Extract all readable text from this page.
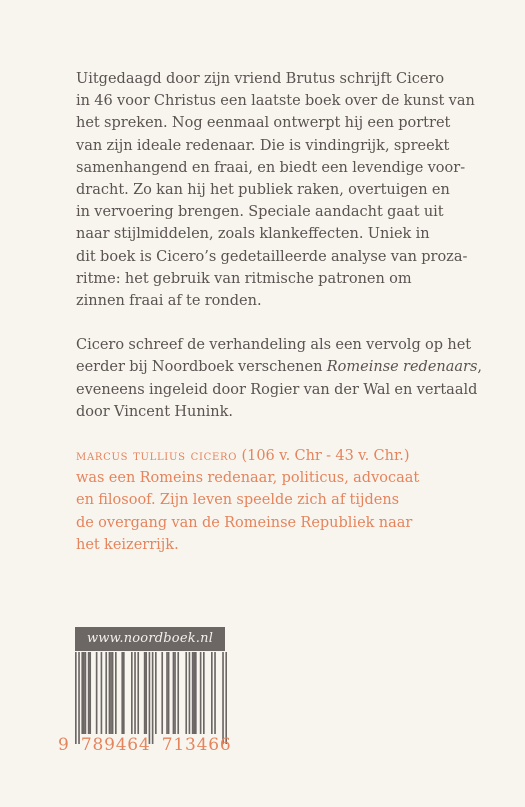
Uitgedaagd door zijn vriend Brutus schrijft Cicero
in 46 voor Christus een laatste boek over de kunst van
het spreken. Nog eenmaal ontwerpt hij een portret
van zijn ideale redenaar. Die is vindingrijk, spreekt
samenhangend en fraai, en biedt een levendige voor-
dracht. Zo kan hij het publiek raken, overtuigen en
in vervoering brengen. Speciale aandacht gaat uit
naar stijlmiddelen, zoals klankeffecten. Uniek in
dit boek is Cicero’s gedetailleerde analyse van proza-
ritme: het gebruik van ritmische patronen om
zinnen fraai af te ronden.

Cicero schreef de verhandeling als een vervolg op het
eerder bij Noordboek verschenen Romeinse redenaars,
eveneens ingeleid door Rogier van der Wal en vertaald
door Vincent Hunink.

marcus tullius cicero (106 v. Chr - 43 v. Chr.)
was een Romeins redenaar, politicus, advocaat
en filosoof. Zijn leven speelde zich af tijdens
de overgang van de Romeinse Republiek naar
het keizerrijk.

www.noordboek.nl
9 789464 713466
